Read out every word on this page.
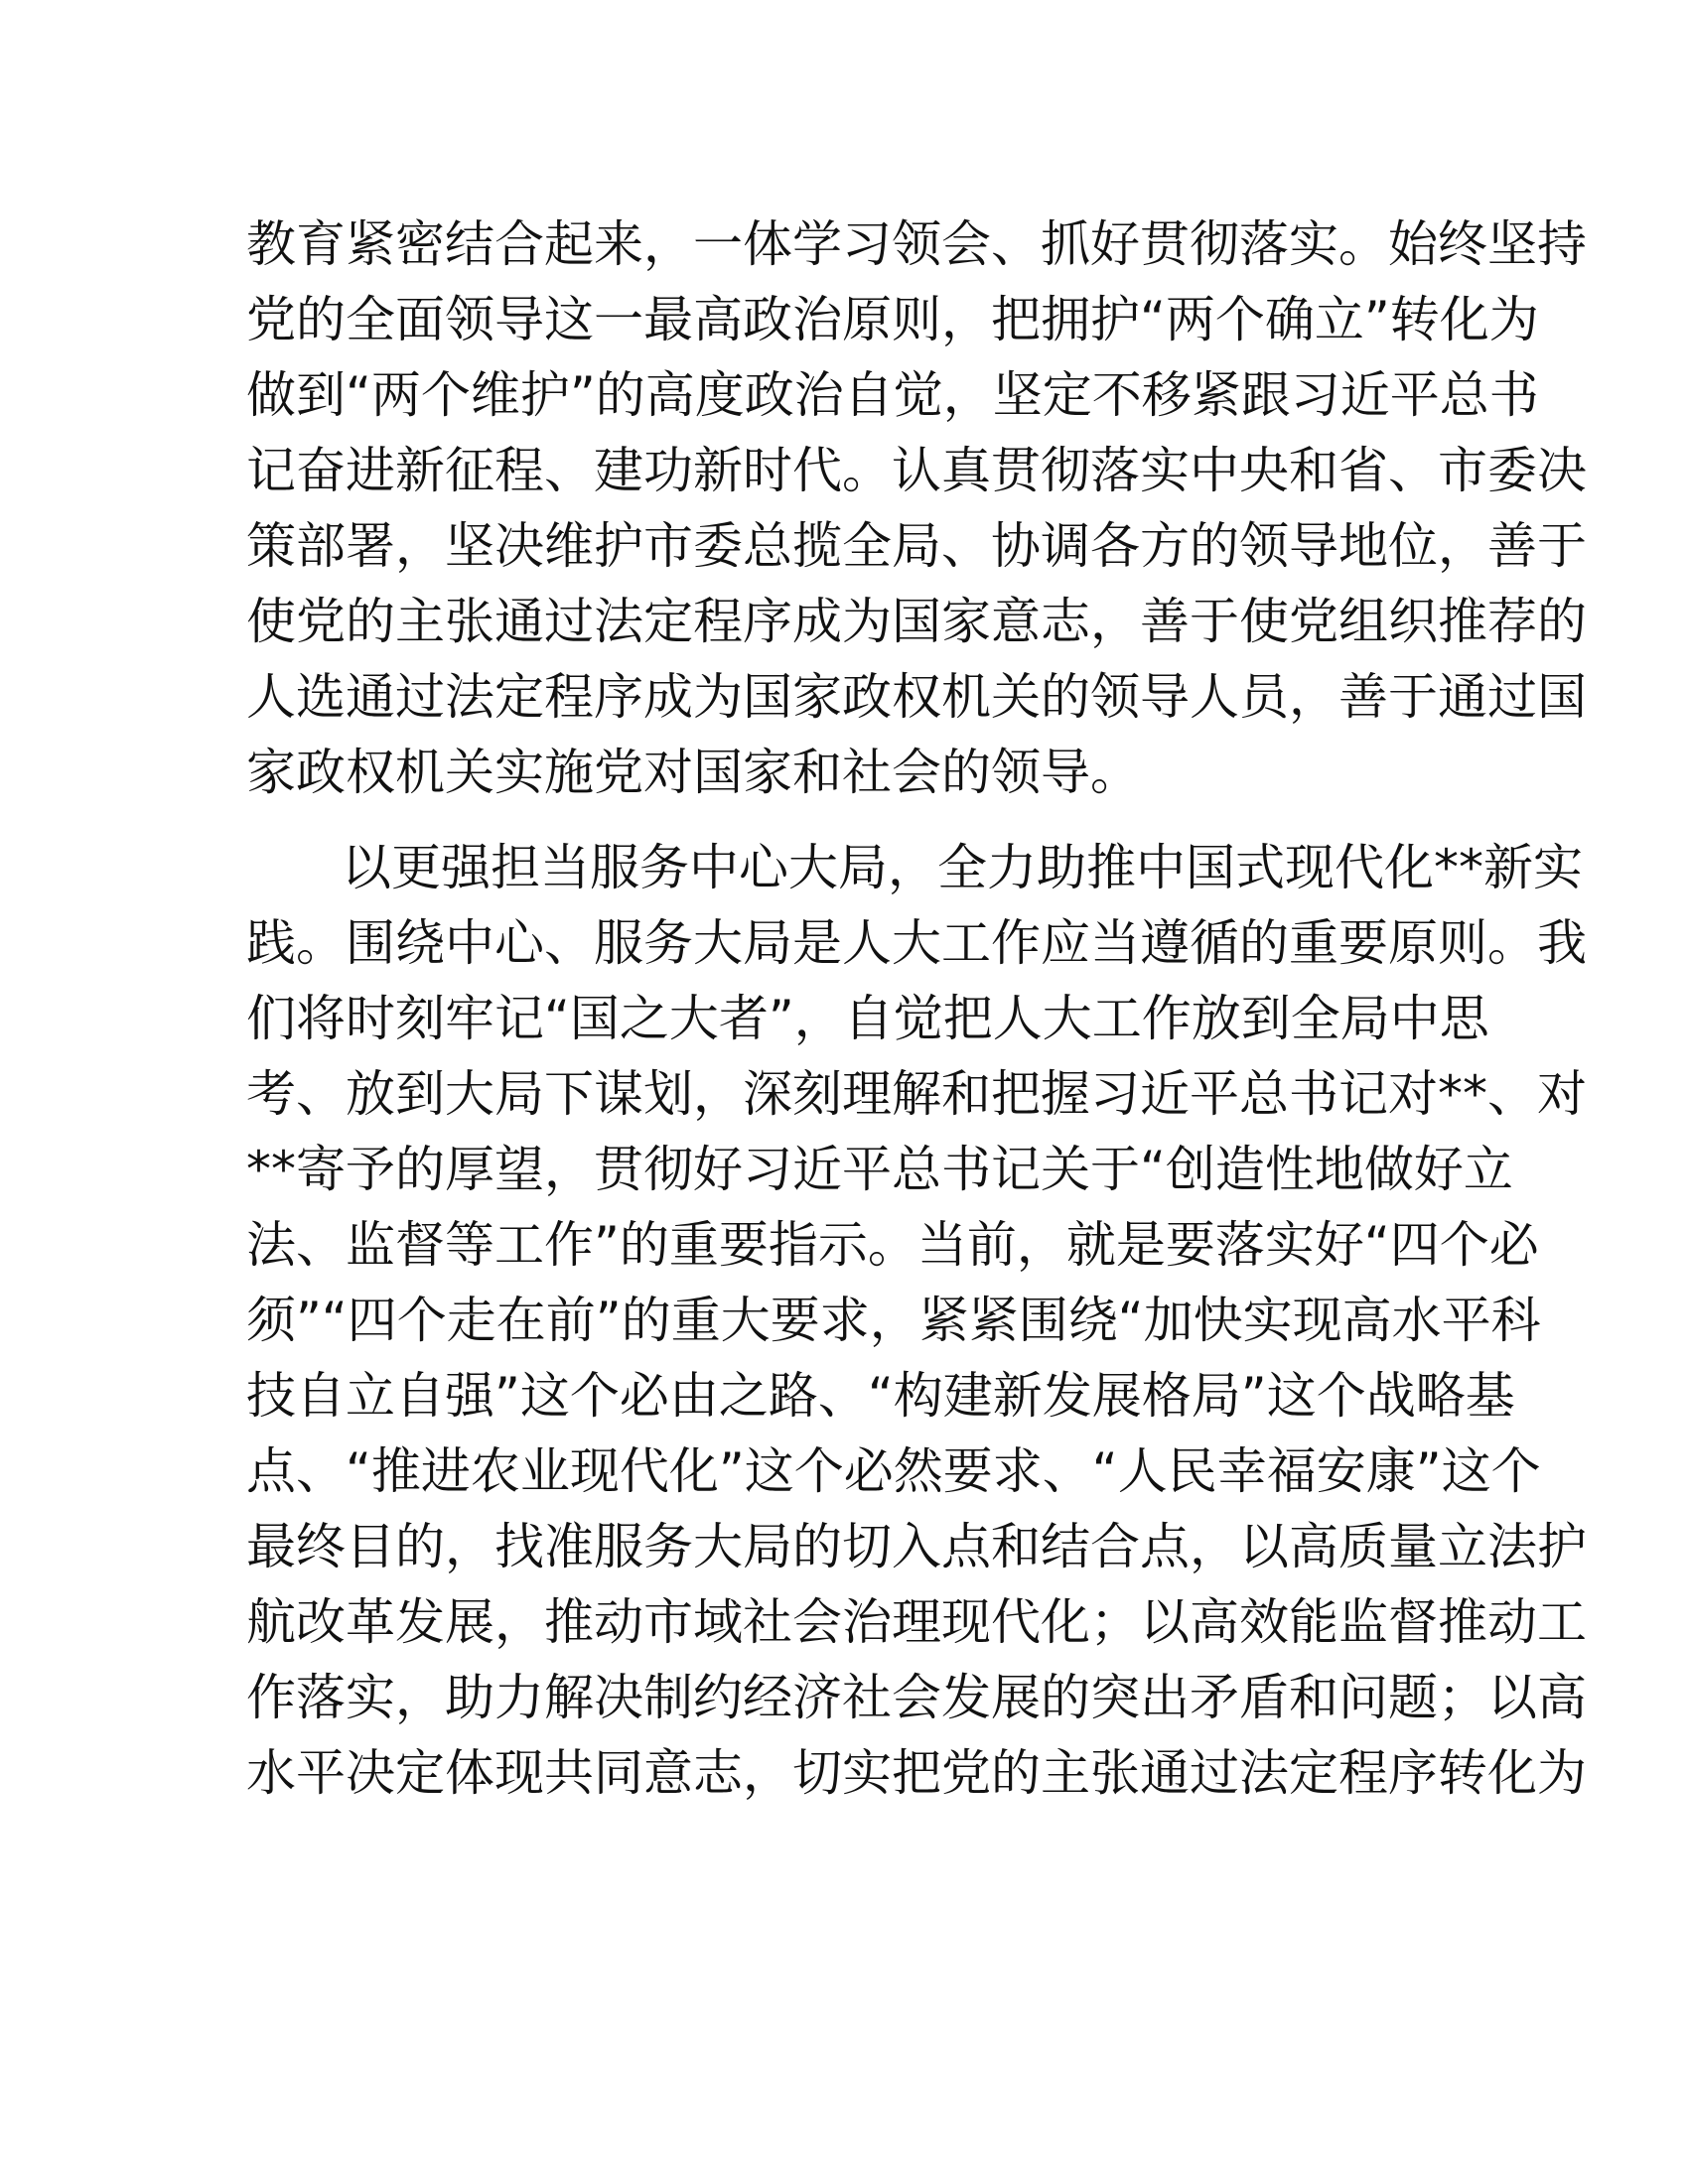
教育紧密结合起来，一体学习领会、抓好贯彻落实。始终坚持
党的全面领导这一最高政治原则，把拥护“两个确立”转化为
做到“两个维护”的高度政治自觉，坚定不移紧跟习近平总书
记奋进新征程、建功新时代。认真贯彻落实中央和省、市委决
策部署，坚决维护市委总揽全局、协调各方的领导地位，善于
使党的主张通过法定程序成为国家意志，善于使党组织推荐的
人选通过法定程序成为国家政权机关的领导人员，善于通过国
家政权机关实施党对国家和社会的领导。
以更强担当服务中心大局，全力助推中国式现代化**新实
践。围绕中心、服务大局是人大工作应当遵循的重要原则。我
们将时刻牢记“国之大者”，自觉把人大工作放到全局中思
考、放到大局下谋划，深刻理解和把握习近平总书记对**、对
**寄予的厚望，贯彻好习近平总书记关于“创造性地做好立
法、监督等工作”的重要指示。当前，就是要落实好“四个必
须”“四个走在前”的重大要求，紧紧围绕“加快实现高水平科
技自立自强”这个必由之路、“构建新发展格局”这个战略基
点、“推进农业现代化”这个必然要求、“人民幸福安康”这个
最终目的，找准服务大局的切入点和结合点，以高质量立法护
航改革发展，推动市域社会治理现代化；以高效能监督推动工
作落实，助力解决制约经济社会发展的突出矛盾和问题；以高
水平决定体现共同意志，切实把党的主张通过法定程序转化为
